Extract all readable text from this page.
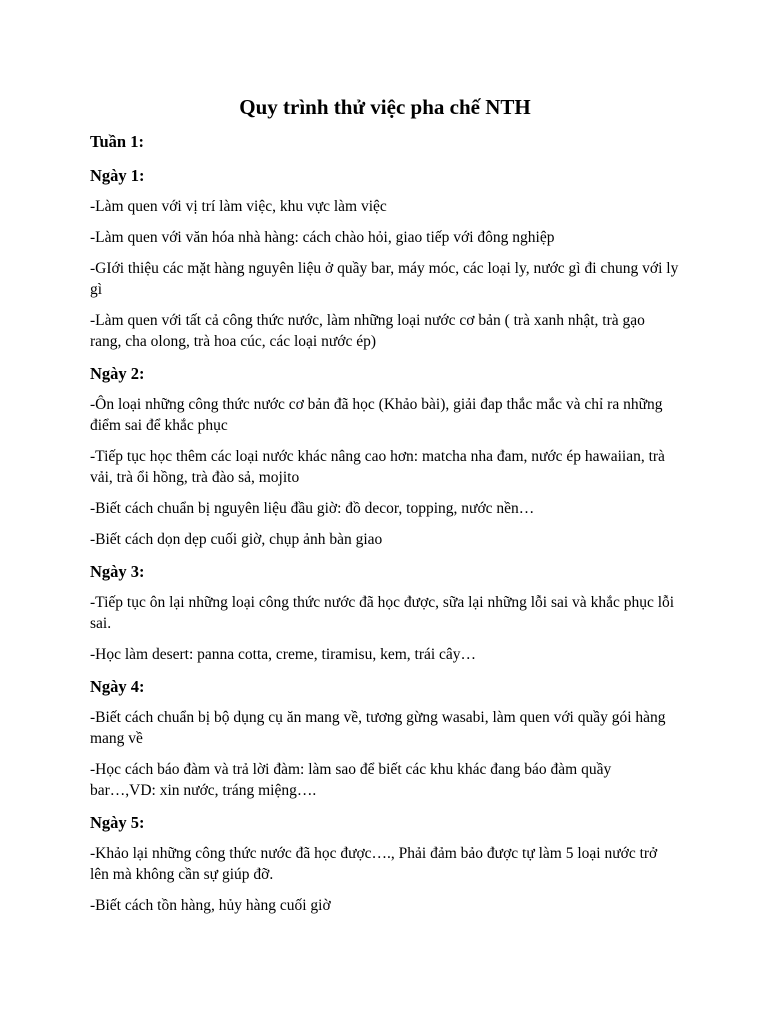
Quy trình thử việc pha chế NTH
Tuần 1:
Ngày 1:
-Làm quen với vị trí làm việc, khu vực làm việc
-Làm quen với văn hóa nhà hàng: cách chào hỏi, giao tiếp với đông nghiệp
-GIới thiệu các mặt hàng nguyên liệu ở quầy bar, máy móc, các loại ly, nước gì đi chung với ly gì
-Làm quen với tất cả công thức nước, làm những loại nước cơ bản ( trà xanh nhật, trà gạo rang, cha olong, trà hoa cúc, các loại nước ép)
Ngày 2:
-Ôn loại những công thức nước cơ bản đã học (Khảo bài), giải đap thắc mắc và chỉ ra những điểm sai để khắc phục
-Tiếp tục học thêm các loại nước khác nâng cao hơn: matcha nha đam, nước ép hawaiian, trà vải, trà ổi hồng, trà đào sả, mojito
-Biết cách chuẩn bị nguyên liệu đầu giờ: đồ decor, topping, nước nền…
-Biết cách dọn dẹp cuối giờ, chụp ảnh bàn giao
Ngày 3:
-Tiếp tục ôn lại những loại công thức nước đã học được, sữa lại những lỗi sai và khắc phục lỗi sai.
-Học làm desert: panna cotta, creme, tiramisu, kem, trái cây…
Ngày 4:
-Biết cách chuẩn bị bộ dụng cụ ăn mang về, tương gừng wasabi, làm quen với quầy gói hàng mang về
-Học cách báo đàm và trả lời đàm: làm sao để biết các khu khác đang báo đàm quầy bar…,VD: xin nước, tráng miệng….
Ngày 5:
-Khảo lại những công thức nước đã học được…., Phải đảm bảo được tự làm 5 loại nước trở lên mà không cần sự giúp đỡ.
-Biết cách tồn hàng, hủy hàng cuối giờ
